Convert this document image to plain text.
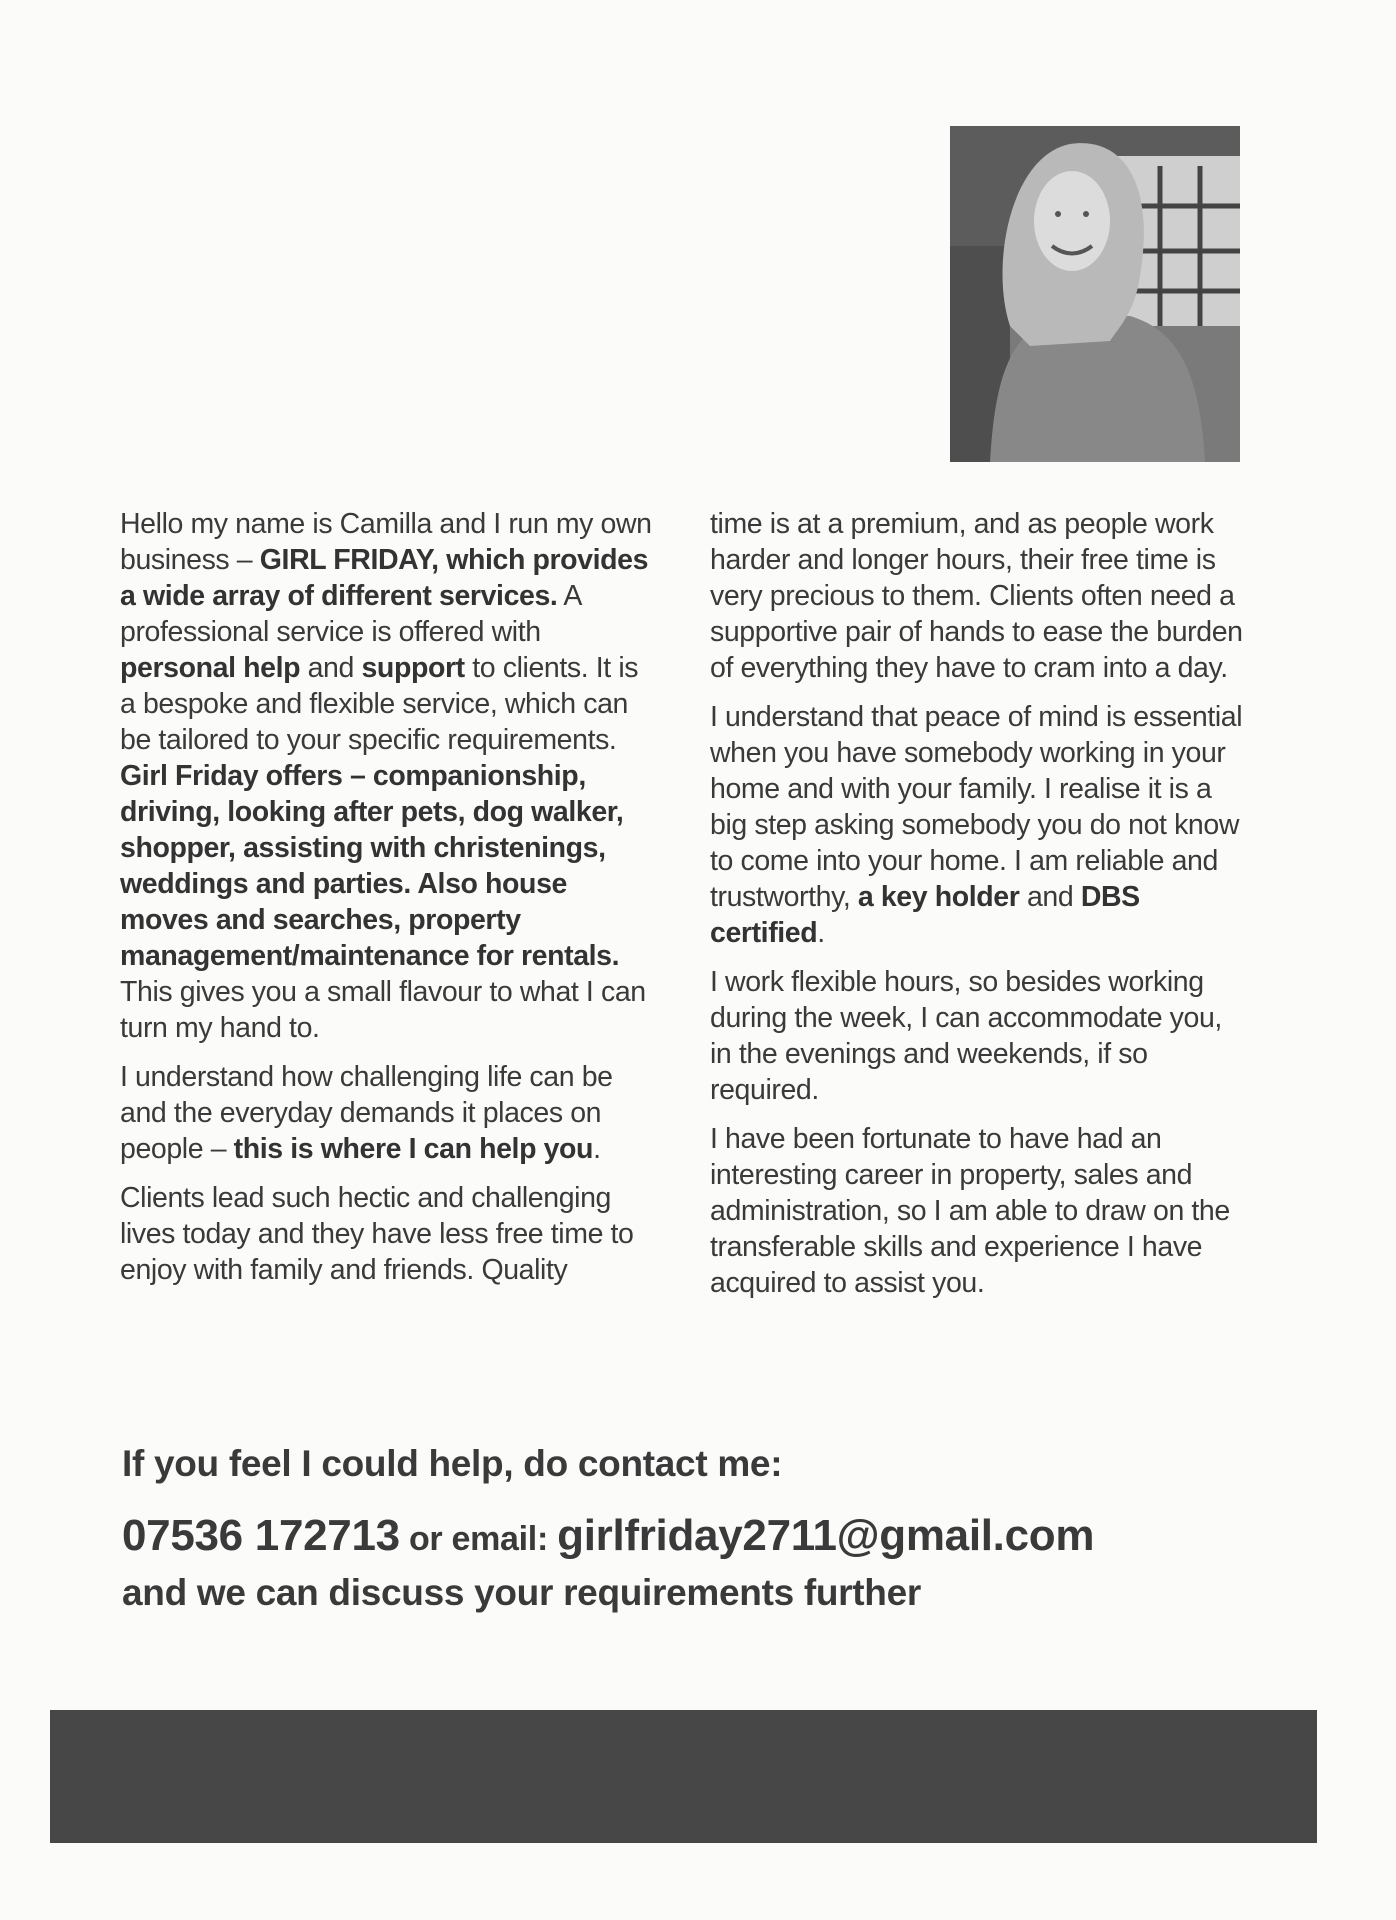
Hello my name is Camilla and I run my own business – GIRL FRIDAY, which provides a wide array of different services. A professional service is offered with personal help and support to clients. It is a bespoke and flexible service, which can be tailored to your specific requirements. Girl Friday offers – companionship, driving, looking after pets, dog walker, shopper, assisting with christenings, weddings and parties. Also house moves and searches, property management/maintenance for rentals. This gives you a small flavour to what I can turn my hand to.

I understand how challenging life can be and the everyday demands it places on people – this is where I can help you.

Clients lead such hectic and challenging lives today and they have less free time to enjoy with family and friends. Quality

time is at a premium, and as people work harder and longer hours, their free time is very precious to them. Clients often need a supportive pair of hands to ease the burden of everything they have to cram into a day.

I understand that peace of mind is essential when you have somebody working in your home and with your family. I realise it is a big step asking somebody you do not know to come into your home. I am reliable and trustworthy, a key holder and DBS certified.

I work flexible hours, so besides working during the week, I can accommodate you, in the evenings and weekends, if so required.

I have been fortunate to have had an interesting career in property, sales and administration, so I am able to draw on the transferable skills and experience I have acquired to assist you.

If you feel I could help, do contact me:

07536 172713 or email: girlfriday2711@gmail.com

and we can discuss your requirements further
